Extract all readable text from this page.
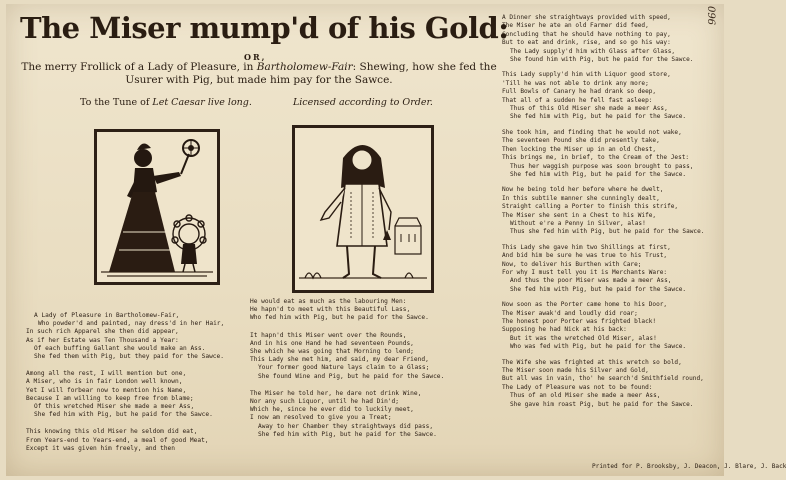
The Miser mump'd of his Gold:
OR,
The merry Frollick of a Lady of Pleasure, in Bartholomew-Fair: Shewing, how she fed the Usurer with Pig, but made him pay for the Sawce.
To the Tune of Let Caesar live long.	Licensed according to Order.
096
A Lady of Pleasure in Bartholomew-Fair,
Who powder'd and painted, nay dress'd in her Hair,
In such rich Apparel she then did appear,
As if her Estate was Ten Thousand a Year:
Of each buffing Gallant she would make an Ass.
She fed them with Pig, but they paid for the Sawce.
Among all the rest, I will mention but one,
A Miser, who is in fair London well known,
Yet I will forbear now to mention his Name,
Because I am willing to keep free from blame;
Of this wretched Miser she made a meer Ass,
She fed him with Pig, but he paid for the Sawce.
This knowing this old Miser he seldom did eat,
From Years-end to Years-end, a meal of good Meat,
Except it was given him freely, and then
He would eat as much as the labouring Men:
He hapn'd to meet with this Beautiful Lass,
Who fed him with Pig, but he paid for the Sawce.
It hapn'd this Miser went over the Rounds,
And in his one Hand he had seventeen Pounds,
She which he was going that Morning to lend;
This Lady she met him, and said, my dear Friend,
Your former good Nature lays claim to a Glass;
She found Wine and Pig, but he paid for the Sawce.
The Miser he told her, he dare not drink Wine,
Nor any such Liquor, until he had Din'd;
Which he, since he ever did to luckily meet,
I now am resolved to give you a Treat;
Away to her Chamber they straightways did pass,
She fed him with Pig, but he paid for the Sawce.
A Dinner she straightways provided with speed,
The Miser he ate an old Farmer did feed,
Concluding that he should have nothing to pay,
But to eat and drink, rise, and so go his way:
The Lady supply'd him with Glass after Glass,
She found him with Pig, but he paid for the Sawce.
This Lady supply'd him with Liquor good store,
'Till he was not able to drink any more;
Full Bowls of Canary he had drank so deep,
That all of a sudden he fell fast asleep:
Thus of this Old Miser she made a meer Ass,
She fed him with Pig, but he paid for the Sawce.
She took him, and finding that he would not wake,
The seventeen Pound she did presently take,
Then locking the Miser up in an old Chest,
This brings me, in brief, to the Cream of the Jest:
Thus her waggish purpose was soon brought to pass,
She fed him with Pig, but he paid for the Sawce.
Now he being told her before where he dwelt,
In this subtile manner she cunningly dealt,
Straight calling a Porter to finish this strife,
The Miser she sent in a Chest to his Wife,
Without e're a Penny in Silver, alas!
Thus she fed him with Pig, but he paid for the Sawce.
This Lady she gave him two Shillings at first,
And bid him be sure he was true to his Trust,
Now, to deliver his Burthen with Care;
For why I must tell you it is Merchants Ware:
And thus the poor Miser was made a meer Ass,
She fed him with Pig, but he paid for the Sawce.
Now soon as the Porter came home to his Door,
The Miser awak'd and loudly did roar;
The honest poor Porter was frighted black!
Supposing he had Nick at his back:
But it was the wretched Old Miser, alas!
Who was fed with Pig, but he paid for the Sawce.
The Wife she was frighted at this wretch so bold,
The Miser soon made his Silver and Gold,
But all was in vain, tho' he search'd Smithfield round,
The Lady of Pleasure was not to be found:
Thus of an old Miser she made a meer Ass,
She gave him roast Pig, but he paid for the Sawce.
Printed for P. Brooksby, J. Deacon, J. Blare, J. Back
